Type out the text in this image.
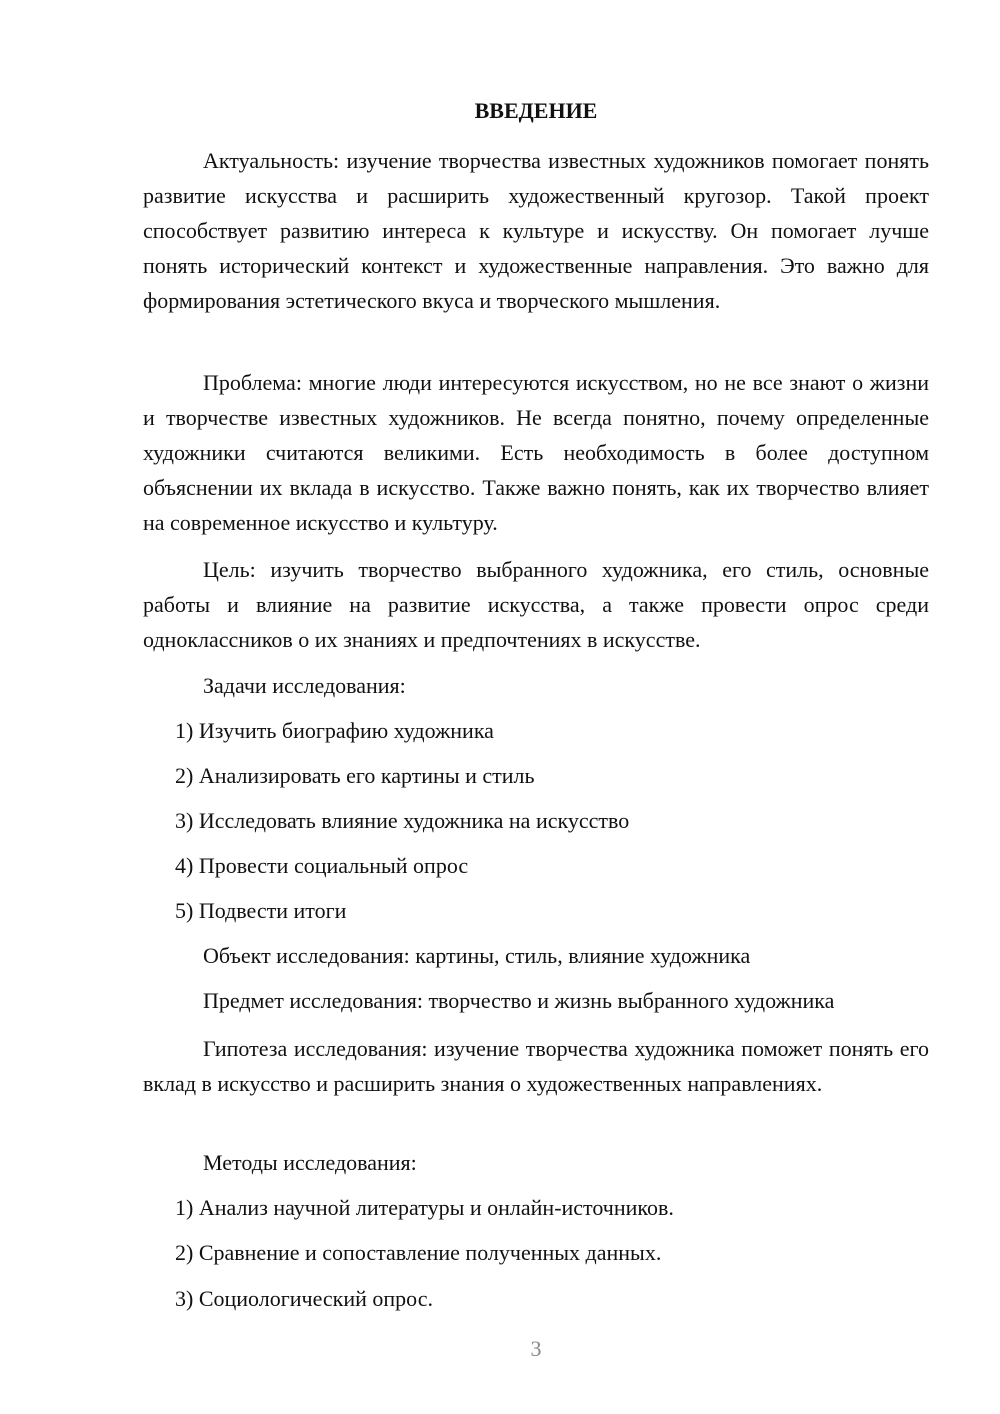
ВВЕДЕНИЕ

Актуальность: изучение творчества известных художников помогает понять развитие искусства и расширить художественный кругозор. Такой проект способствует развитию интереса к культуре и искусству. Он помогает лучше понять исторический контекст и художественные направления. Это важно для формирования эстетического вкуса и творческого мышления.

Проблема: многие люди интересуются искусством, но не все знают о жизни и творчестве известных художников. Не всегда понятно, почему определенные художники считаются великими. Есть необходимость в более доступном объяснении их вклада в искусство. Также важно понять, как их творчество влияет на современное искусство и культуру.

Цель: изучить творчество выбранного художника, его стиль, основные работы и влияние на развитие искусства, а также провести опрос среди одноклассников о их знаниях и предпочтениях в искусстве.

Задачи исследования:

1) Изучить биографию художника

2) Анализировать его картины и стиль

3) Исследовать влияние художника на искусство

4) Провести социальный опрос

5) Подвести итоги

Объект исследования: картины, стиль, влияние художника

Предмет исследования: творчество и жизнь выбранного художника

Гипотеза исследования: изучение творчества художника поможет понять его вклад в искусство и расширить знания о художественных направлениях.

Методы исследования:

1) Анализ научной литературы и онлайн-источников.

2) Сравнение и сопоставление полученных данных.

3) Социологический опрос.

3
